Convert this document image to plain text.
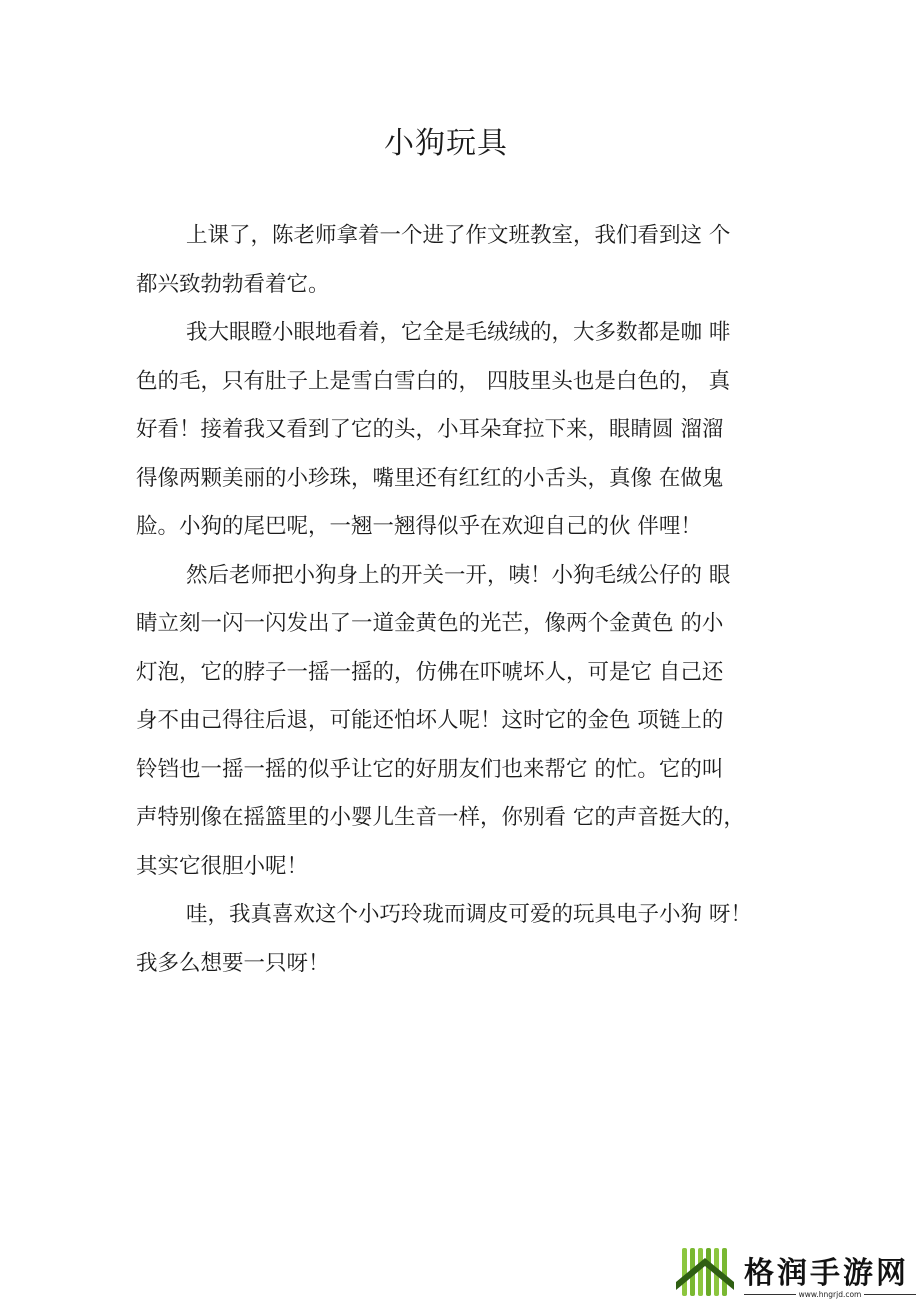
小狗玩具

上课了，陈老师拿着一个进了作文班教室，我们看到这 个
都兴致勃勃看着它。

我大眼瞪小眼地看着，它全是毛绒绒的，大多数都是咖 啡
色的毛，只有肚子上是雪白雪白的， 四肢里头也是白色的， 真
好看！接着我又看到了它的头，小耳朵耷拉下来，眼睛圆 溜溜
得像两颗美丽的小珍珠，嘴里还有红红的小舌头，真像 在做鬼
脸。小狗的尾巴呢，一翘一翘得似乎在欢迎自己的伙 伴哩！

然后老师把小狗身上的开关一开，咦！小狗毛绒公仔的 眼
睛立刻一闪一闪发出了一道金黄色的光芒，像两个金黄色 的小
灯泡，它的脖子一摇一摇的，仿佛在吓唬坏人，可是它 自己还
身不由己得往后退，可能还怕坏人呢！这时它的金色 项链上的
铃铛也一摇一摇的似乎让它的好朋友们也来帮它 的忙。它的叫
声特别像在摇篮里的小婴儿生音一样，你别看 它的声音挺大的，
其实它很胆小呢！

哇，我真喜欢这个小巧玲珑而调皮可爱的玩具电子小狗 呀！
我多么想要一只呀！

格润手游网
www.hngrjd.com
